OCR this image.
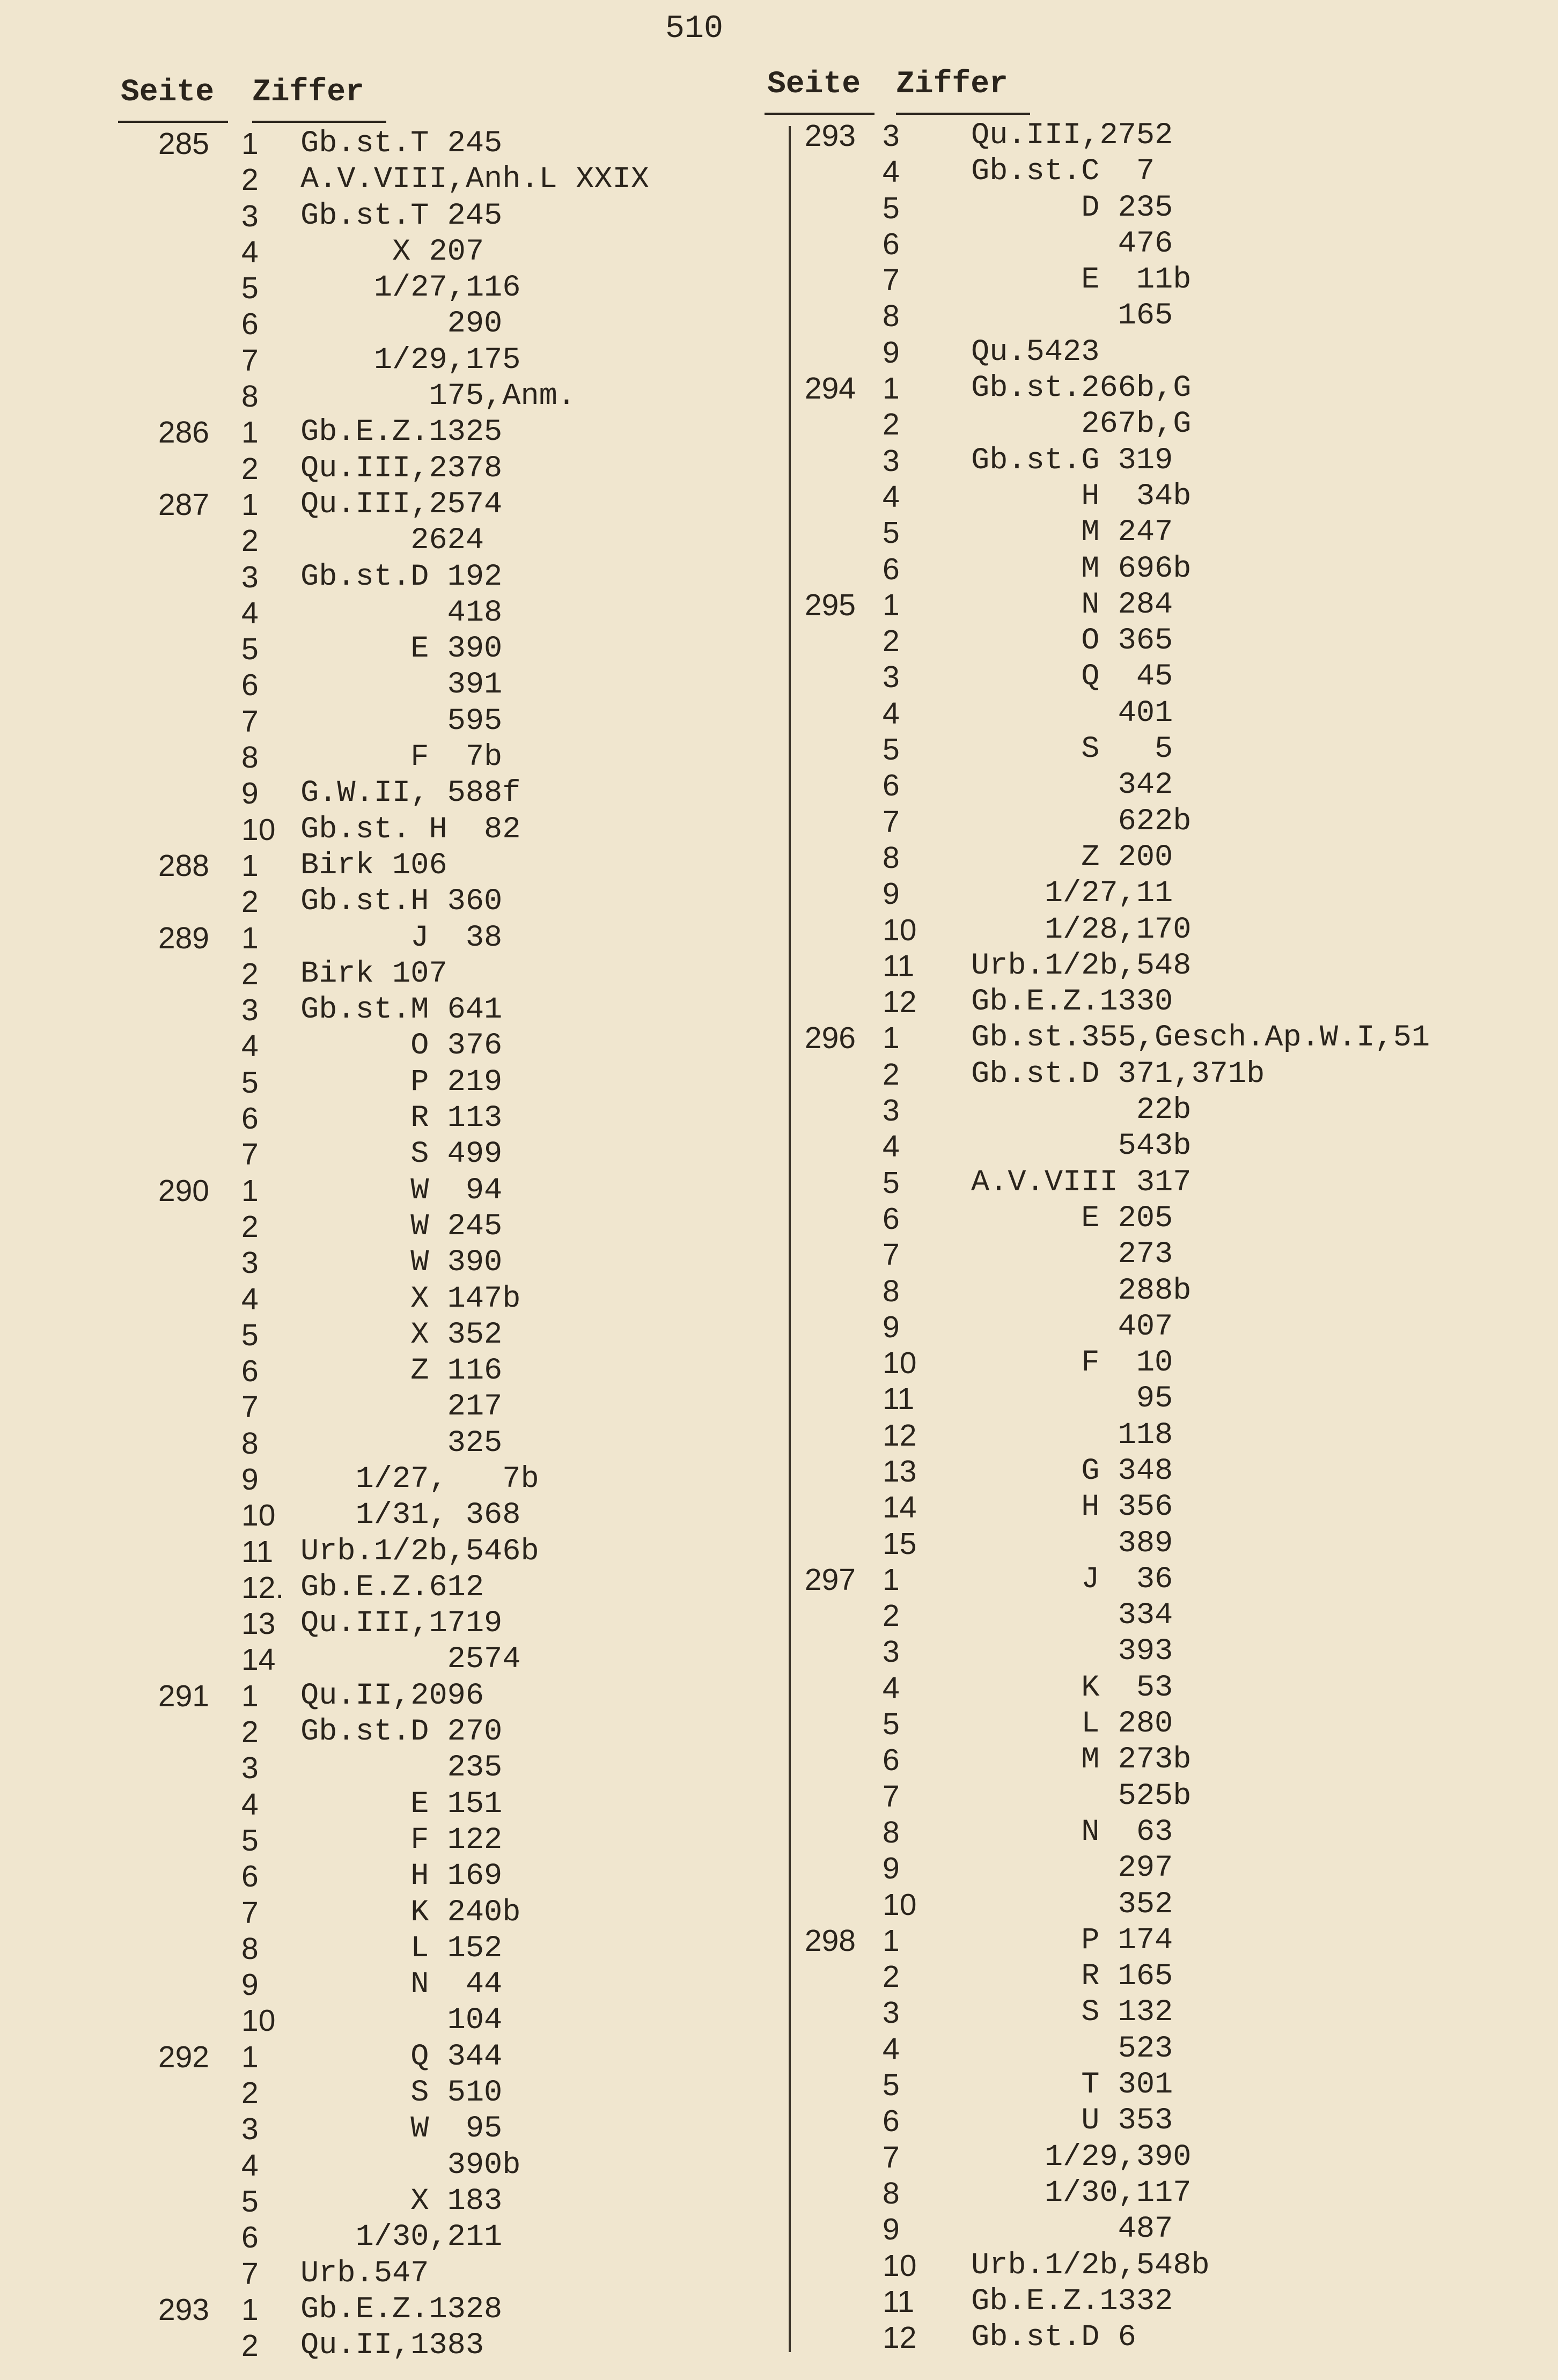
510
Seite Ziffer
285 1	Gb.st.T 245
2	A.V.VIII,Anh.L XXIX
3	Gb.st.T 245
4	X 207
5	1/27,116
6	290
7	1/29,175
8	175,Anm.
286 1	Gb.E.Z.1325
2	Qu.III,2378
287 1	Qu.III,2574
2	2624
3	Gb.st.D 192
4	418
5	E 390
6	391
7	595
8	F  7b
9	G.W.II, 588f
10 Gb.st. H  82
288 1	Birk 106
2	Gb.st.H 360
289 1	J  38
2	Birk 107
3	Gb.st.M 641
4	O 376
5	P 219
6	R 113
7	S 499
290 1	W  94
2	W 245
3	W 390
4	X 147b
5	X 352
6	Z 116
7	217
8	325
9	1/27,   7b
10 1/31, 368
11 Urb.1/2b,546b
12. Gb.E.Z.612
13 Qu.III,1719
14 2574
291 1	Qu.II,2096
2	Gb.st.D 270
3	235
4	E 151
5	F 122
6	H 169
7	K 240b
8	L 152
9	N  44
10 104
292 1	Q 344
2	S 510
3	W  95
4	390b
5	X 183
6	1/30,211
7	Urb.547
293 1	Gb.E.Z.1328
2	Qu.II,1383
Seite Ziffer
293 3	Qu.III,2752
4	Gb.st.C  7
5	D 235
6	476
7	E  11b
8	165
9	Qu.5423
294 1	Gb.st.266b,G
2	267b,G
3	Gb.st.G 319
4	H  34b
5	M 247
6	M 696b
295 1	N 284
2	O 365
3	Q  45
4	401
5	S   5
6	342
7	622b
8	Z 200
9	1/27,11
10	1/28,170
11	Urb.1/2b,548
12	Gb.E.Z.1330
296 1	Gb.st.355,Gesch.Ap.W.I,51
2	Gb.st.D 371,371b
3	22b
4	543b
5	A.V.VIII 317
6	E 205
7	273
8	288b
9	407
10	F  10
11	95
12	118
13	G 348
14	H 356
15	389
297 1	J  36
2	334
3	393
4	K  53
5	L 280
6	M 273b
7	525b
8	N  63
9	297
10	352
298 1	P 174
2	R 165
3	S 132
4	523
5	T 301
6	U 353
7	1/29,390
8	1/30,117
9	487
10	Urb.1/2b,548b
11	Gb.E.Z.1332
12	Gb.st.D 6
